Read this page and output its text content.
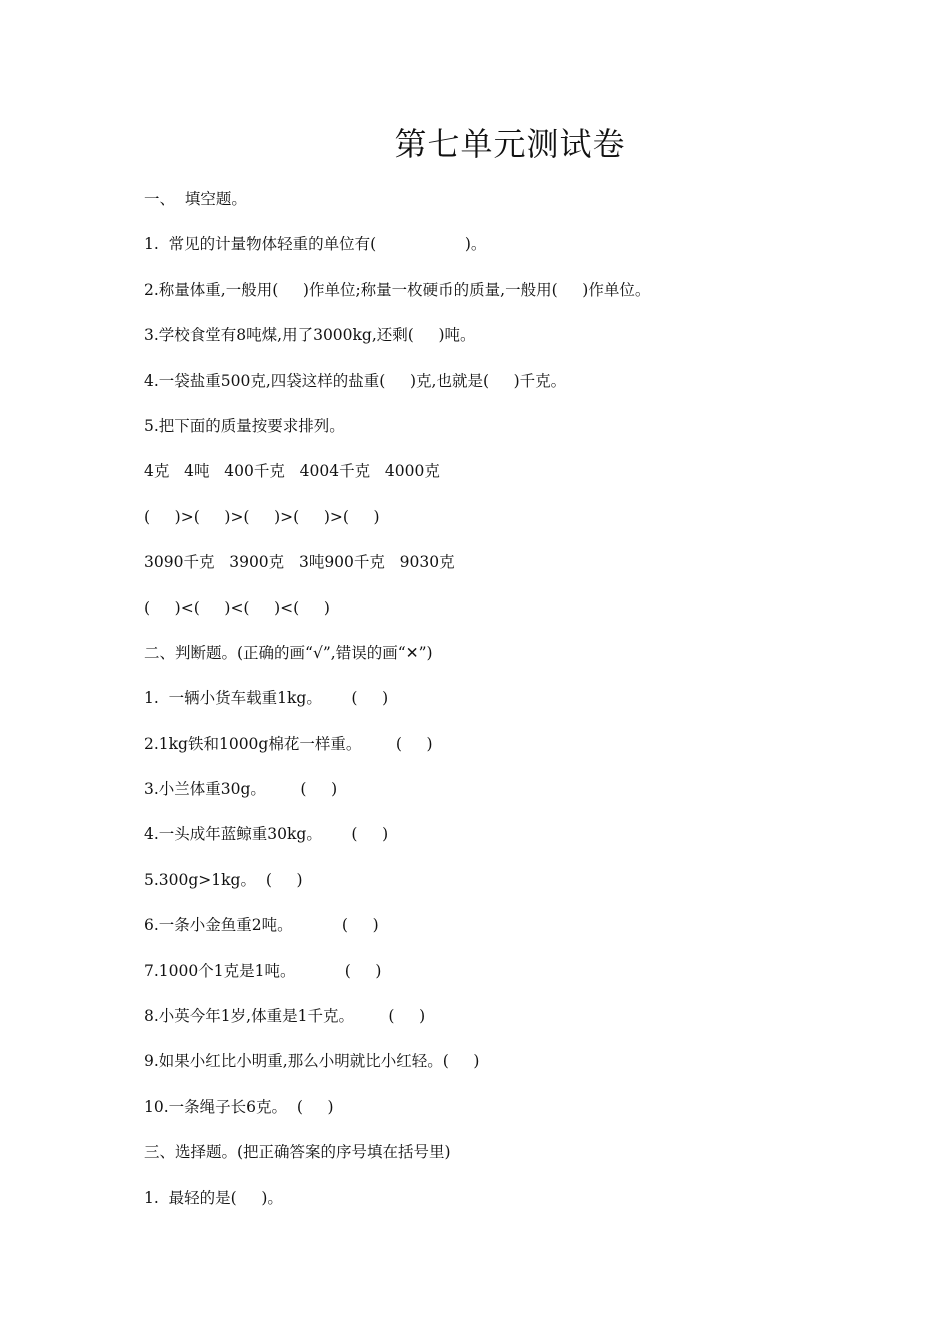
第七单元测试卷
一、  填空题。
1.  常见的计量物体轻重的单位有(                  )。
2.称量体重,一般用(     )作单位;称量一枚硬币的质量,一般用(     )作单位。
3.学校食堂有8吨煤,用了3000kg,还剩(     )吨。
4.一袋盐重500克,四袋这样的盐重(     )克,也就是(     )千克。
5.把下面的质量按要求排列。
4克   4吨   400千克   4004千克   4000克
(     )>(     )>(     )>(     )>(     )
3090千克   3900克   3吨900千克   9030克
(     )<(     )<(     )<(     )
二、判断题。(正确的画“√”,错误的画“✕”)
1.  一辆小货车载重1kg。      (     )
2.1kg铁和1000g棉花一样重。       (     )
3.小兰体重30g。       (     )
4.一头成年蓝鲸重30kg。      (     )
5.300g>1kg。  (     )
6.一条小金鱼重2吨。          (     )
7.1000个1克是1吨。          (     )
8.小英今年1岁,体重是1千克。       (     )
9.如果小红比小明重,那么小明就比小红轻。(     )
10.一条绳子长6克。  (     )
三、选择题。(把正确答案的序号填在括号里)
1.  最轻的是(     )。
